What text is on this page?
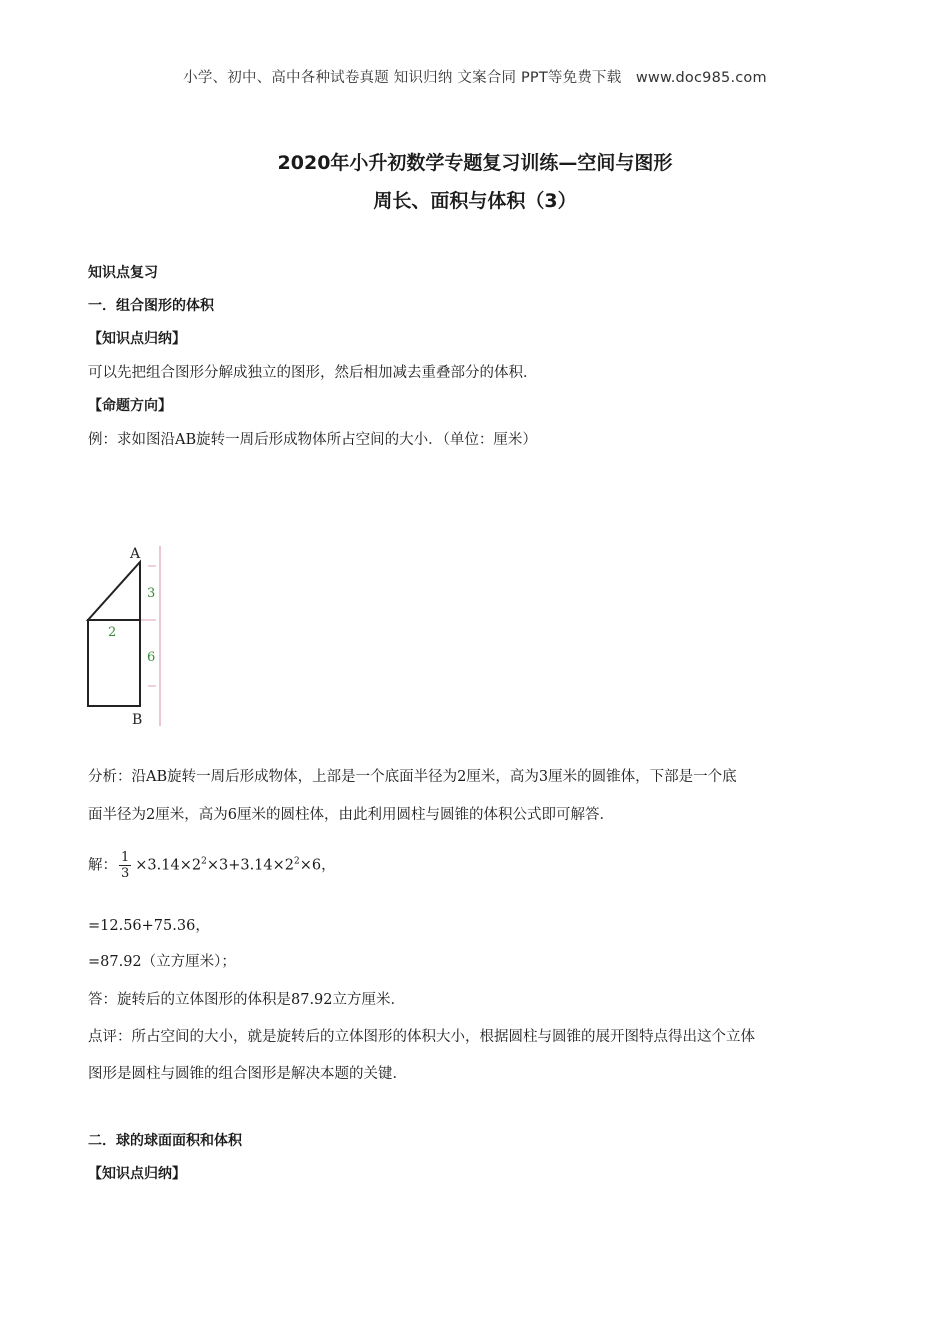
小学、初中、高中各种试卷真题 知识归纳 文案合同 PPT等免费下载 www.doc985.com
2020年小升初数学专题复习训练—空间与图形
周长、面积与体积（3）
知识点复习
一．组合图形的体积
【知识点归纳】
可以先把组合图形分解成独立的图形，然后相加减去重叠部分的体积．
【命题方向】
例：求如图沿AB旋转一周后形成物体所占空间的大小．（单位：厘米）
A
B
2
3
6
分析：沿AB旋转一周后形成物体，上部是一个底面半径为2厘米，高为3厘米的圆锥体，下部是一个底
面半径为2厘米，高为6厘米的圆柱体，由此利用圆柱与圆锥的体积公式即可解答．
解： $\frac{1}{3} \times 3.14\times 2^2\times 3+3.14\times 2^2\times 6$，
=12.56+75.36，
=87.92（立方厘米）；
答：旋转后的立体图形的体积是87.92立方厘米．
点评：所占空间的大小，就是旋转后的立体图形的体积大小，根据圆柱与圆锥的展开图特点得出这个立体
图形是圆柱与圆锥的组合图形是解决本题的关键．
二．球的球面面积和体积
【知识点归纳】
